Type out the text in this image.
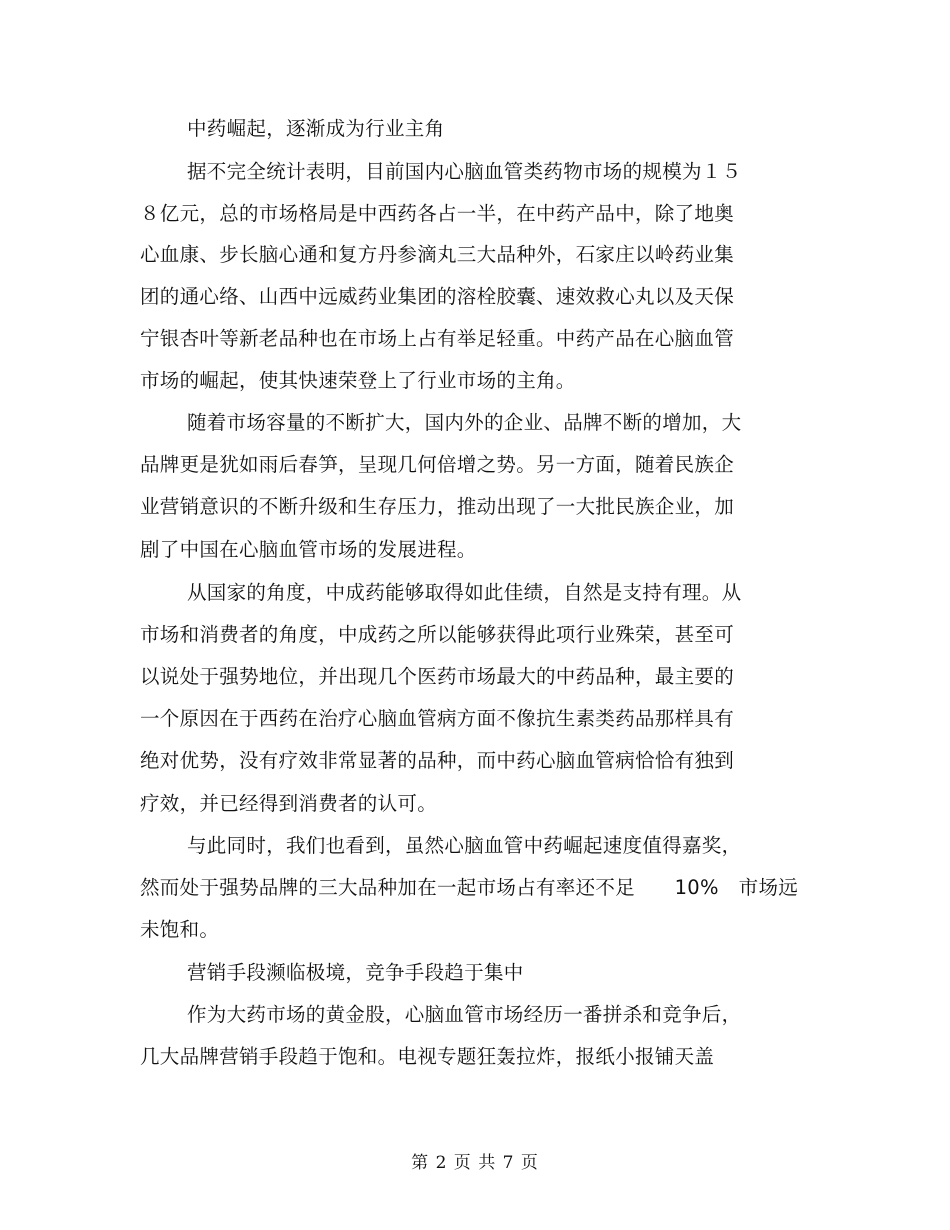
中药崛起，逐渐成为行业主角
据不完全统计表明，目前国内心脑血管类药物市场的规模为１５
８亿元，总的市场格局是中西药各占一半，在中药产品中，除了地奥
心血康、步长脑心通和复方丹参滴丸三大品种外，石家庄以岭药业集
团的通心络、山西中远威药业集团的溶栓胶囊、速效救心丸以及天保
宁银杏叶等新老品种也在市场上占有举足轻重。中药产品在心脑血管
市场的崛起，使其快速荣登上了行业市场的主角。
随着市场容量的不断扩大，国内外的企业、品牌不断的增加，大
品牌更是犹如雨后春笋，呈现几何倍增之势。另一方面，随着民族企
业营销意识的不断升级和生存压力，推动出现了一大批民族企业，加
剧了中国在心脑血管市场的发展进程。
从国家的角度，中成药能够取得如此佳绩，自然是支持有理。从
市场和消费者的角度，中成药之所以能够获得此项行业殊荣，甚至可
以说处于强势地位，并出现几个医药市场最大的中药品种，最主要的
一个原因在于西药在治疗心脑血管病方面不像抗生素类药品那样具有
绝对优势，没有疗效非常显著的品种，而中药心脑血管病恰恰有独到
疗效，并已经得到消费者的认可。
与此同时，我们也看到，虽然心脑血管中药崛起速度值得嘉奖，
然而处于强势品牌的三大品种加在一起市场占有率还不足　　10%　市场远
未饱和。
营销手段濒临极境，竞争手段趋于集中
作为大药市场的黄金股，心脑血管市场经历一番拼杀和竞争后，
几大品牌营销手段趋于饱和。电视专题狂轰拉炸，报纸小报铺天盖
第 2 页 共 7 页
